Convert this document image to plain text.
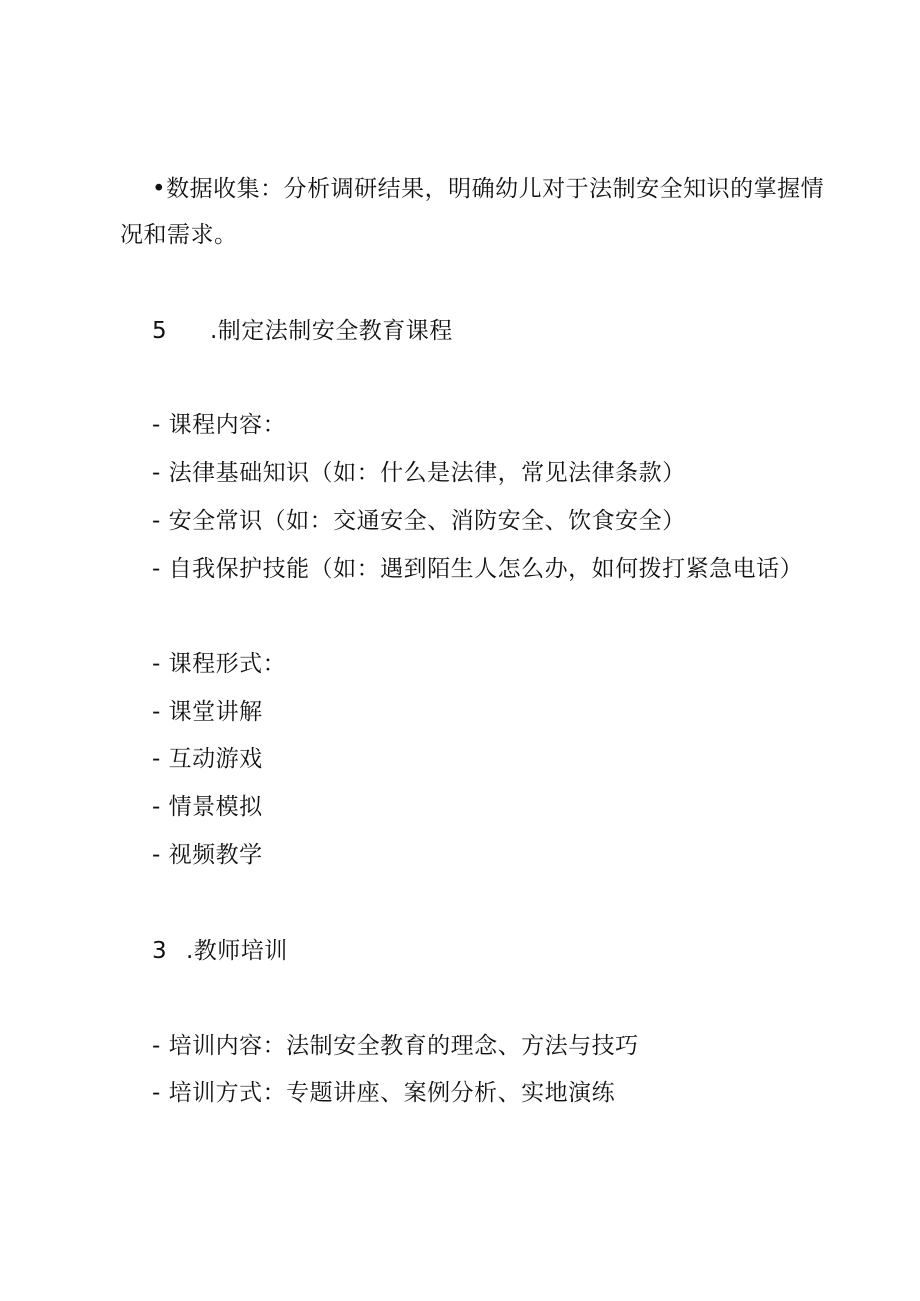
•数据收集：分析调研结果，明确幼儿对于法制安全知识的掌握情
况和需求。
5 .制定法制安全教育课程
- 课程内容：
- 法律基础知识（如：什么是法律，常见法律条款）
- 安全常识（如：交通安全、消防安全、饮食安全）
- 自我保护技能（如：遇到陌生人怎么办，如何拨打紧急电话）
- 课程形式：
- 课堂讲解
- 互动游戏
- 情景模拟
- 视频教学
3 .教师培训
- 培训内容：法制安全教育的理念、方法与技巧
- 培训方式：专题讲座、案例分析、实地演练
